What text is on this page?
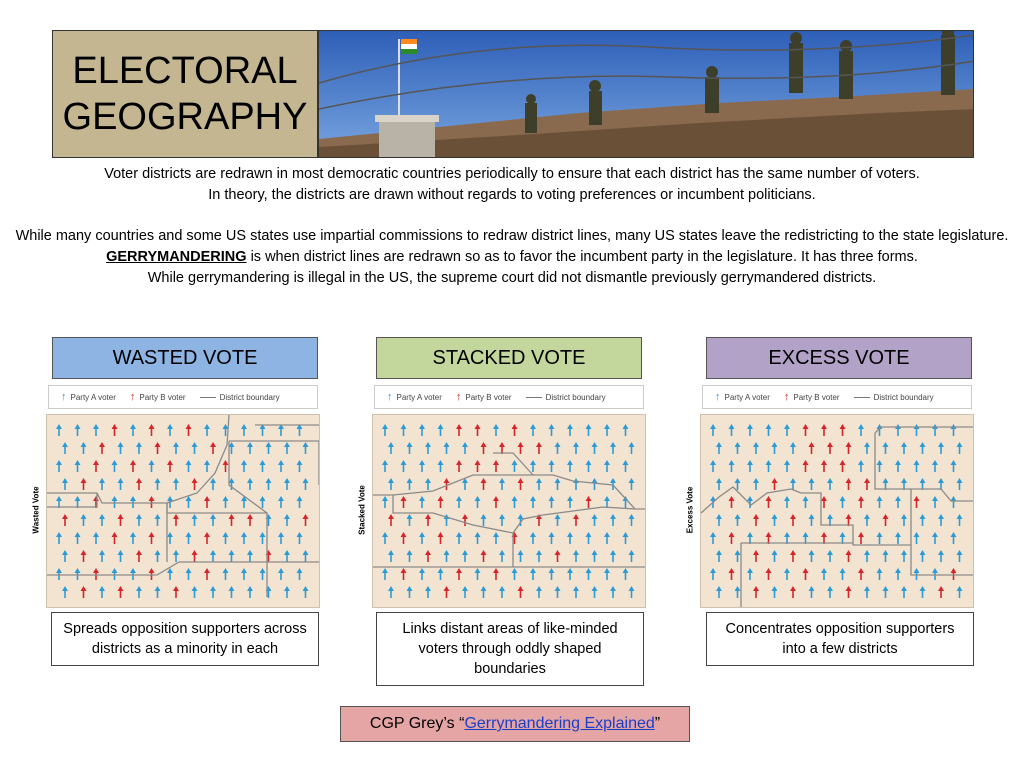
ELECTORAL
GEOGRAPHY

Voter districts are redrawn in most democratic countries periodically to ensure that each district has the same number of voters.

In theory, the districts are drawn without regards to voting preferences or incumbent politicians.

While many countries and some US states use impartial commissions to redraw district lines, many US states leave the redistricting to the state legislature.

GERRYMANDERING is when district lines are redrawn so as to favor the incumbent party in the legislature. It has three forms.

While gerrymandering is illegal in the US, the supreme court did not dismantle previously gerrymandered districts.

WASTED VOTE	STACKED VOTE	EXCESS VOTE
↑ Party A voter ↑ Party B voter	District boundary	↑ Party A voter ↑ Party B voter	District boundary	↑ Party A voter ↑ Party B voter	District boundary
Wasted Vote	Stacked Vote	Excess Vote
Spreads opposition supporters across districts as a minority in each
Links distant areas of like-minded voters through oddly shaped boundaries
Concentrates opposition supporters into a few districts
CGP Grey’s “ Gerrymandering Explained ”
